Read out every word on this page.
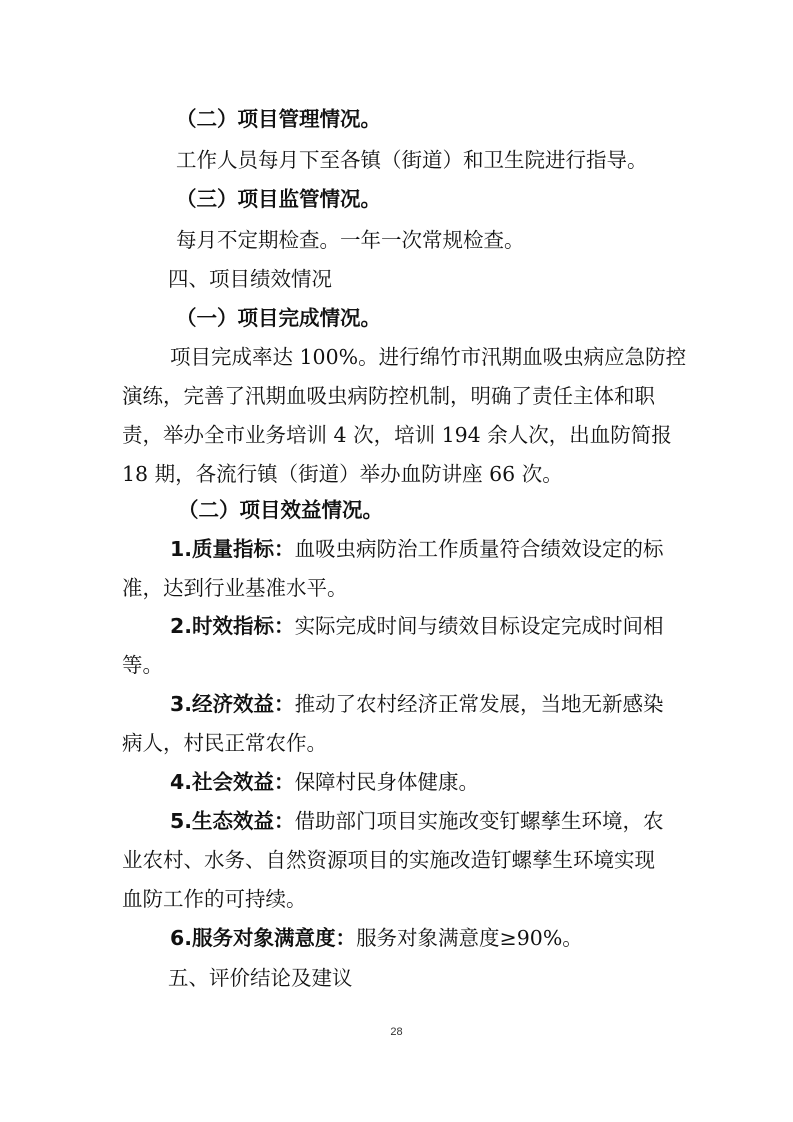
（二）项目管理情况。
工作人员每月下至各镇（街道）和卫生院进行指导。
（三）项目监管情况。
每月不定期检查。一年一次常规检查。
四、项目绩效情况
（一）项目完成情况。
项目完成率达 100%。进行绵竹市汛期血吸虫病应急防控
演练，完善了汛期血吸虫病防控机制，明确了责任主体和职
责，举办全市业务培训 4 次，培训 194 余人次，出血防简报
18 期，各流行镇（街道）举办血防讲座 66 次。
（二）项目效益情况。
1.质量指标：血吸虫病防治工作质量符合绩效设定的标
准，达到行业基准水平。
2.时效指标：实际完成时间与绩效目标设定完成时间相
等。
3.经济效益：推动了农村经济正常发展，当地无新感染
病人，村民正常农作。
4.社会效益：保障村民身体健康。
5.生态效益：借助部门项目实施改变钉螺孳生环境，农
业农村、水务、自然资源项目的实施改造钉螺孳生环境实现
血防工作的可持续。
6.服务对象满意度：服务对象满意度≥90%。
五、评价结论及建议
28
